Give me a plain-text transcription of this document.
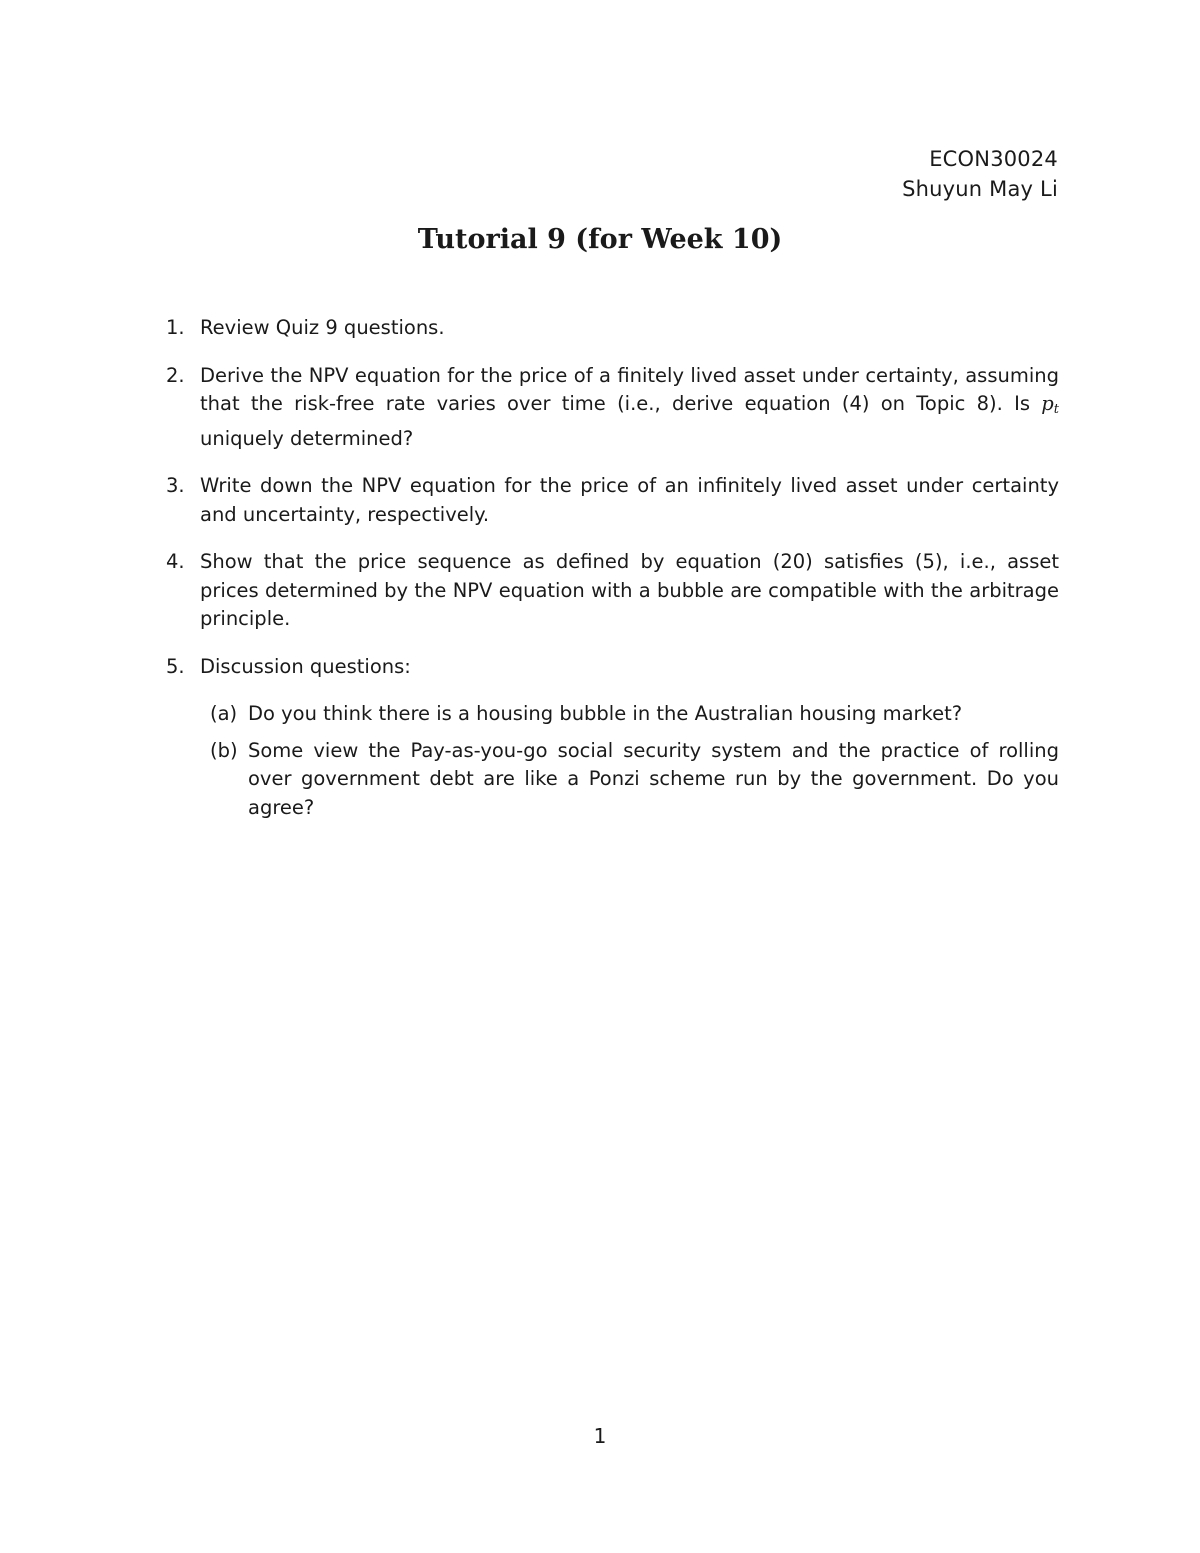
ECON30024
Shuyun May Li
Tutorial 9 (for Week 10)
1. Review Quiz 9 questions.
2. Derive the NPV equation for the price of a finitely lived asset under certainty, assuming that the risk-free rate varies over time (i.e., derive equation (4) on Topic 8). Is $p_t$ uniquely determined?
3. Write down the NPV equation for the price of an infinitely lived asset under certainty and uncertainty, respectively.
4. Show that the price sequence as defined by equation (20) satisfies (5), i.e., asset prices determined by the NPV equation with a bubble are compatible with the arbitrage principle.
5. Discussion questions:
(a) Do you think there is a housing bubble in the Australian housing market?
(b) Some view the Pay-as-you-go social security system and the practice of rolling over government debt are like a Ponzi scheme run by the government. Do you agree?
1
